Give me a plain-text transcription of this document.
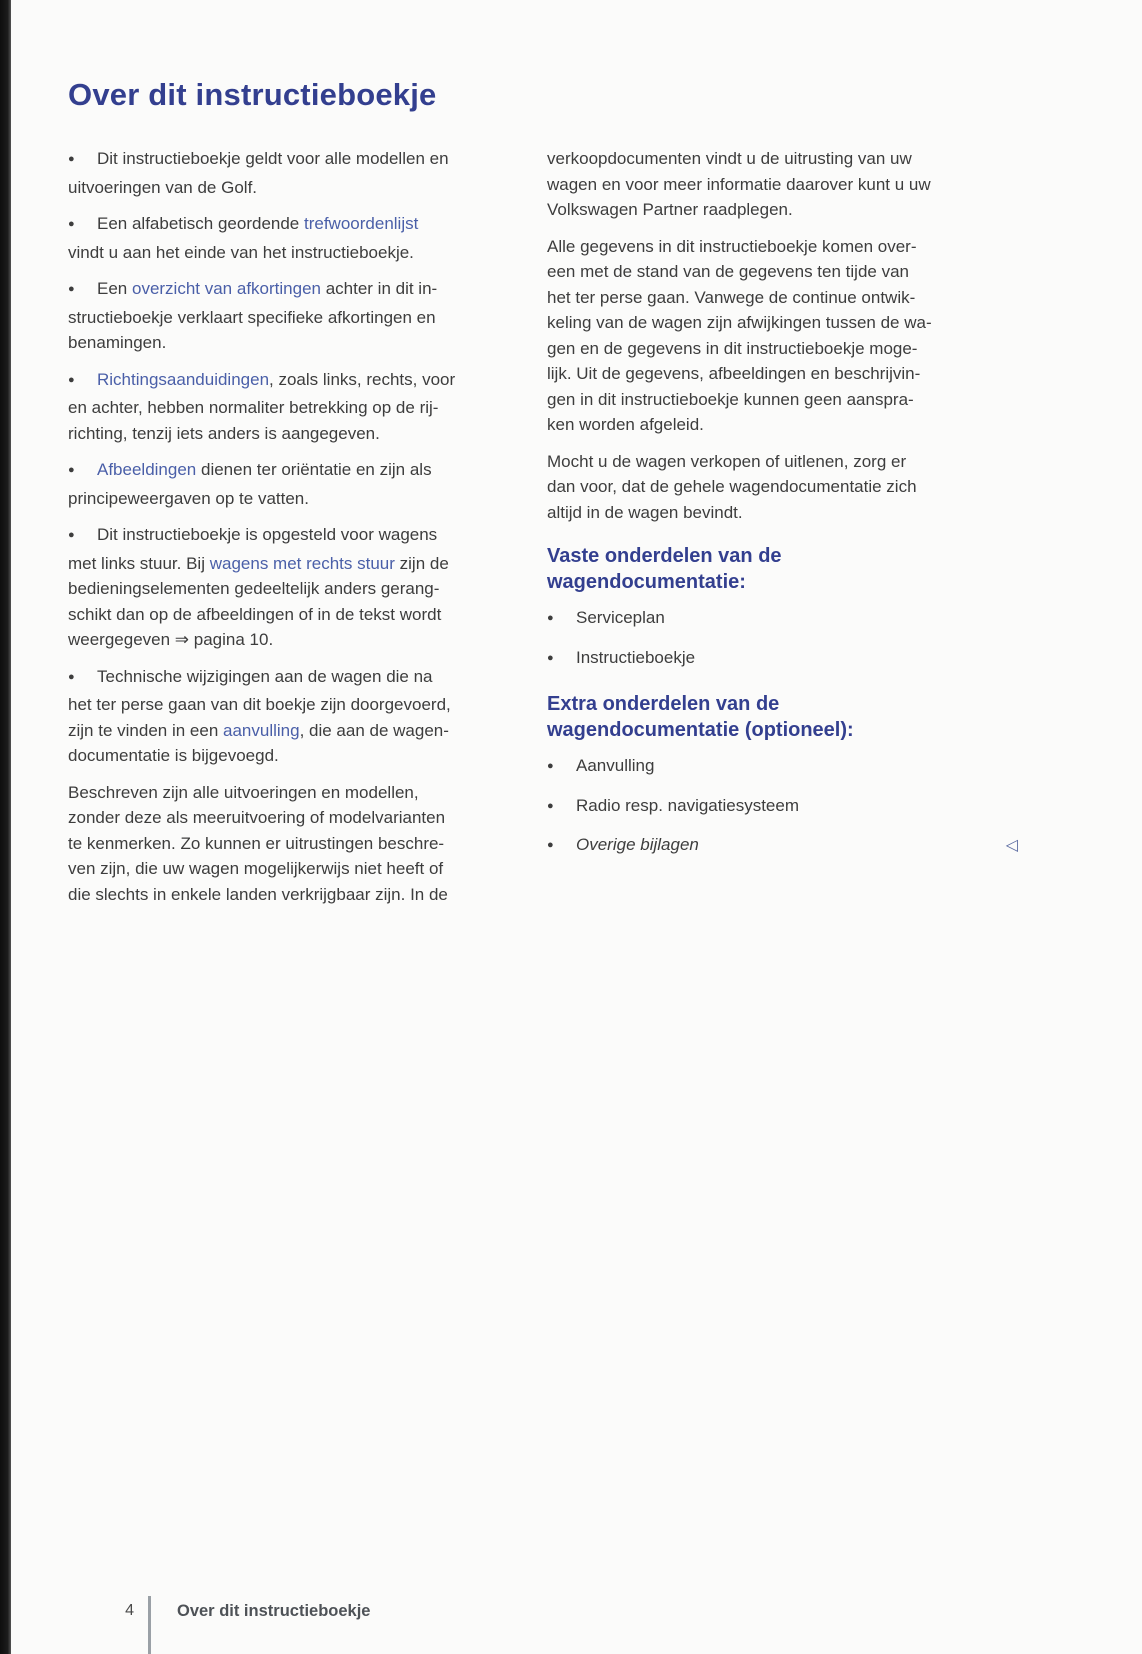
Over dit instructieboekje
● Dit instructieboekje geldt voor alle modellen en
uitvoeringen van de Golf.
● Een alfabetisch geordende trefwoordenlijst
vindt u aan het einde van het instructieboekje.
● Een overzicht van afkortingen achter in dit in-
structieboekje verklaart specifieke afkortingen en
benamingen.
● Richtingsaanduidingen, zoals links, rechts, voor
en achter, hebben normaliter betrekking op de rij-
richting, tenzij iets anders is aangegeven.
● Afbeeldingen dienen ter oriëntatie en zijn als
principeweergaven op te vatten.
● Dit instructieboekje is opgesteld voor wagens
met links stuur. Bij wagens met rechts stuur zijn de
bedieningselementen gedeeltelijk anders gerang-
schikt dan op de afbeeldingen of in de tekst wordt
weergegeven ⇒ pagina 10.
● Technische wijzigingen aan de wagen die na
het ter perse gaan van dit boekje zijn doorgevoerd,
zijn te vinden in een aanvulling, die aan de wagen-
documentatie is bijgevoegd.
Beschreven zijn alle uitvoeringen en modellen,
zonder deze als meeruitvoering of modelvarianten
te kenmerken. Zo kunnen er uitrustingen beschre-
ven zijn, die uw wagen mogelijkerwijs niet heeft of
die slechts in enkele landen verkrijgbaar zijn. In de
verkoopdocumenten vindt u de uitrusting van uw
wagen en voor meer informatie daarover kunt u uw
Volkswagen Partner raadplegen.
Alle gegevens in dit instructieboekje komen over-
een met de stand van de gegevens ten tijde van
het ter perse gaan. Vanwege de continue ontwik-
keling van de wagen zijn afwijkingen tussen de wa-
gen en de gegevens in dit instructieboekje moge-
lijk. Uit de gegevens, afbeeldingen en beschrijvin-
gen in dit instructieboekje kunnen geen aanspra-
ken worden afgeleid.
Mocht u de wagen verkopen of uitlenen, zorg er
dan voor, dat de gehele wagendocumentatie zich
altijd in de wagen bevindt.
Vaste onderdelen van de
wagendocumentatie:
● Serviceplan
● Instructieboekje
Extra onderdelen van de
wagendocumentatie (optioneel):
● Aanvulling
● Radio resp. navigatiesysteem
● Overige bijlagen	◁
4	Over dit instructieboekje
